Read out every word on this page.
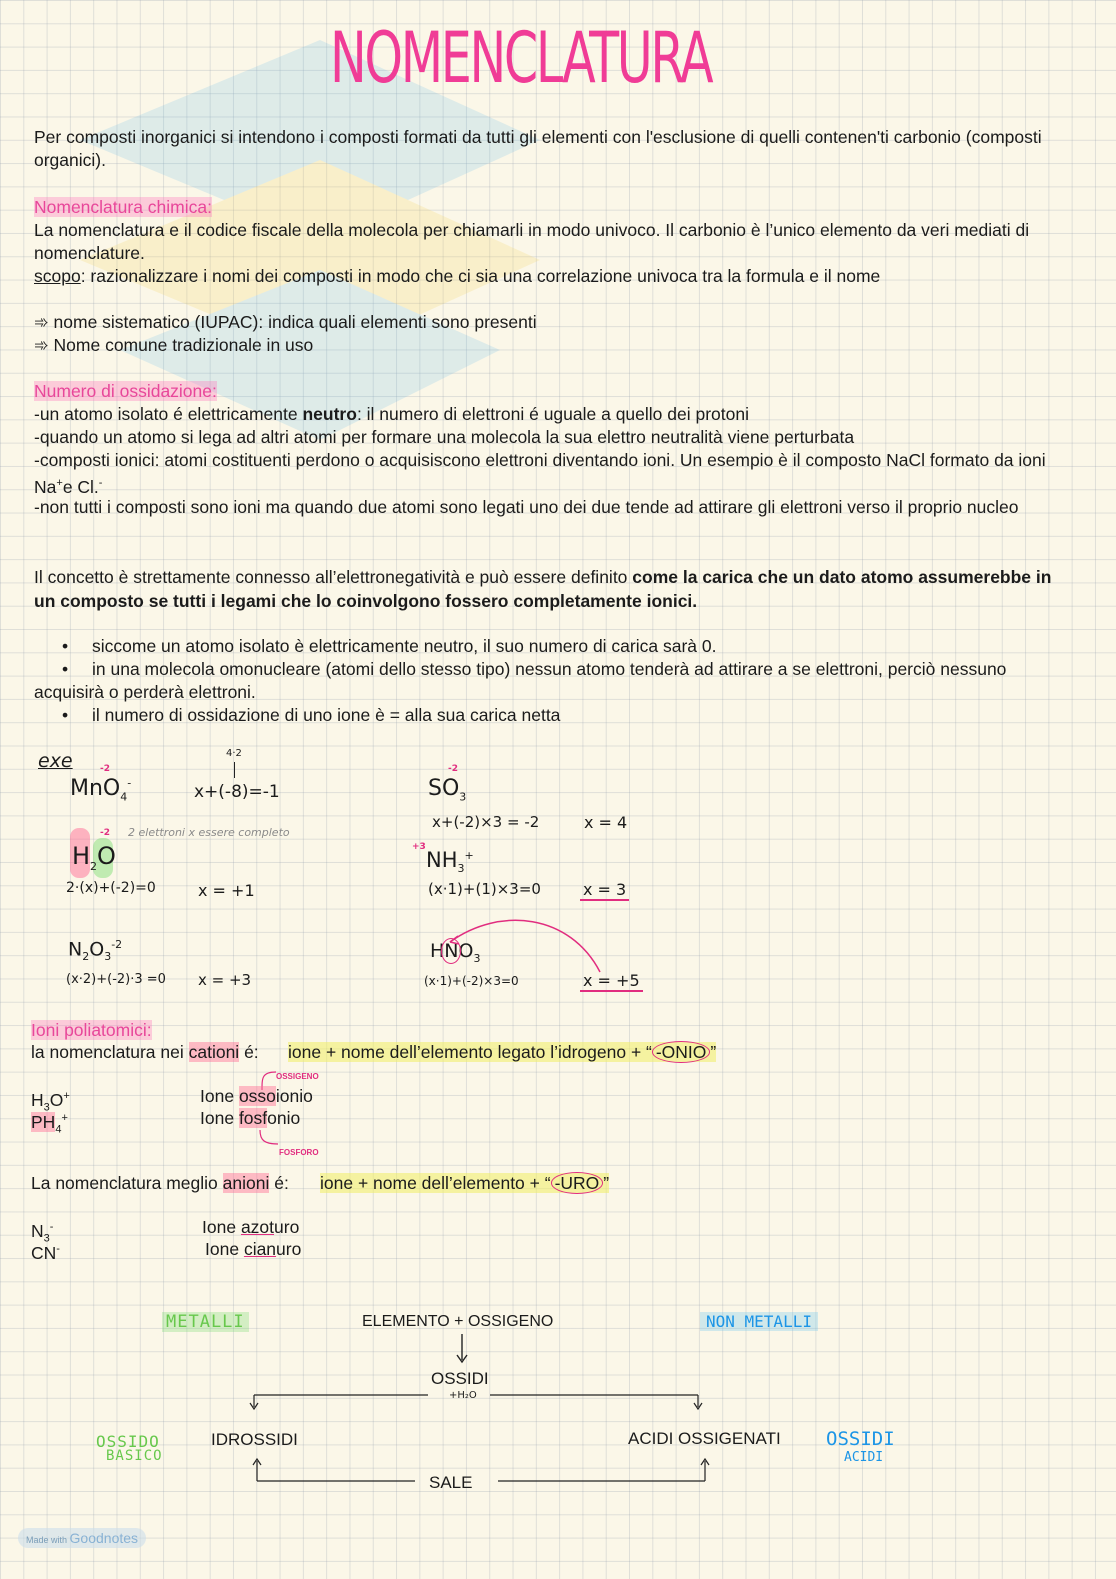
NOMENCLATURA
Per composti inorganici si intendono i composti formati da tutti gli elementi con l'esclusione di quelli contenen'ti carbonio (composti organici).
Nomenclatura chimica:
La nomenclatura e il codice fiscale della molecola per chiamarli in modo univoco. Il carbonio è l’unico elemento da veri mediati di nomenclature.
scopo: razionalizzare i nomi dei composti in modo che ci sia una correlazione univoca tra la formula e il nome
➾ nome sistematico (IUPAC): indica quali elementi sono presenti
➾ Nome comune tradizionale in uso
Numero di ossidazione:
-un atomo isolato é elettricamente neutro: il numero di elettroni é uguale a quello dei protoni
-quando un atomo si lega ad altri atomi per formare una molecola la sua elettro neutralità viene perturbata
-composti ionici: atomi costituenti perdono o acquisiscono elettroni diventando ioni. Un esempio è il composto NaCl formato da ioni Na+e Cl.-
-non tutti i composti sono ioni ma quando due atomi sono legati uno dei due tende ad attirare gli elettroni verso il proprio nucleo
Il concetto è strettamente connesso all’elettronegatività e può essere definito come la carica che un dato atomo assumerebbe in un composto se tutti i legami che lo coinvolgono fossero completamente ionici.
• siccome un atomo isolato è elettricamente neutro, il suo numero di carica sarà 0.
• in una molecola omonucleare (atomi dello stesso tipo) nessun atomo tenderà ad attirare a se elettroni, perciò nessuno acquisirà o perderà elettroni.
• il numero di ossidazione di uno ione è = alla sua carica netta
exe	-2
MnO$_4$-
4·2
x+(-8)=-1
-2
$SO_3$
x+(-2)×3 = -2	x = 4
-2
$H_2O$
2 elettroni x essere completo
2·(x)+(-2)=0	x = +1
+3
$NH_3^+$
(x·1)+(1)×3=0	x = 3
$N_2O_3^{-2}$
(x·2)+(-2)·3 =0 x = +3
$HNO_3$
(x·1)+(-2)×3=0	x = +5
Ioni poliatomici:
la nomenclatura nei cationi é: ione + nome dell’elemento legato l’idrogeno + “ -ONIO ”
OSSIGENO
$H_3O^+$
$PH_4^+$
Ione ossoionio
Ione fosfonio
FOSFORO
La nomenclatura meglio anioni é: ione + nome dell’elemento + “ -URO ”
$N_3^-$
CN-
Ione azoturo
Ione cianuro
METALLI	NON METALLI
ELEMENTO + OSSIGENO
OSSIDI
+H₂O
IDROSSIDI	ACIDI OSSIGENATI
OSSIDO
BASICO
OSSIDI
ACIDI
SALE
Made with Goodnotes
